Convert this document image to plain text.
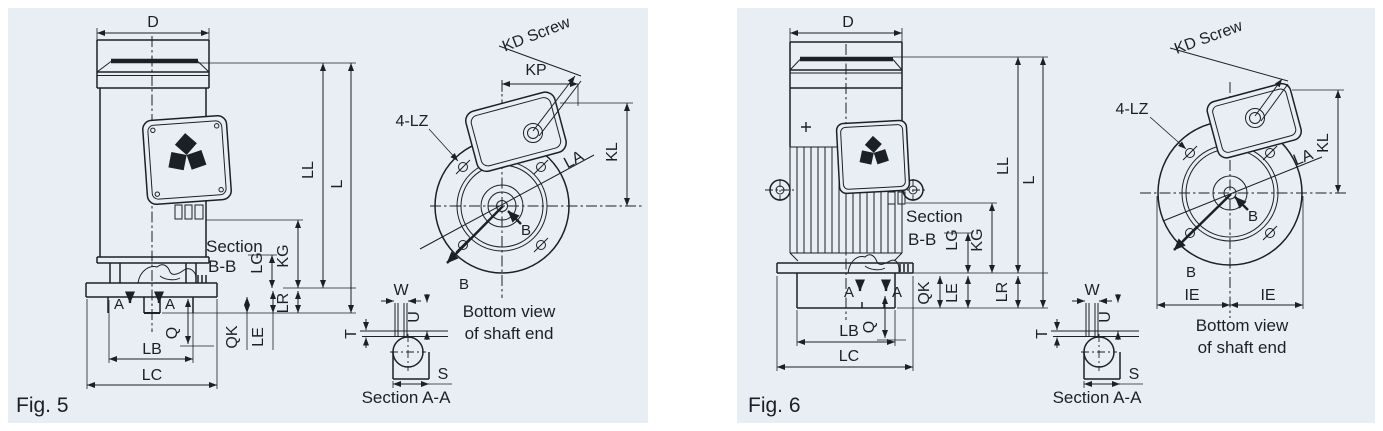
A	A
D
LL
L
KG
LG
LR
QK LE
Q
Section
B-B
LB
LC
KD Screw
KP
KL
LA
B
B
4-LZ
Bottom view
of shaft end
W
T
U
S
Section A-A
Fig. 5
A	A
D
LL
L
KG
LG
Section
B-B
QK LE LR
Q
LB
LC
KD Screw
KL
LA
B
B
4-LZ
IE	IE
Bottom view
of shaft end
W
T
U
S
Section A-A
Fig. 6
